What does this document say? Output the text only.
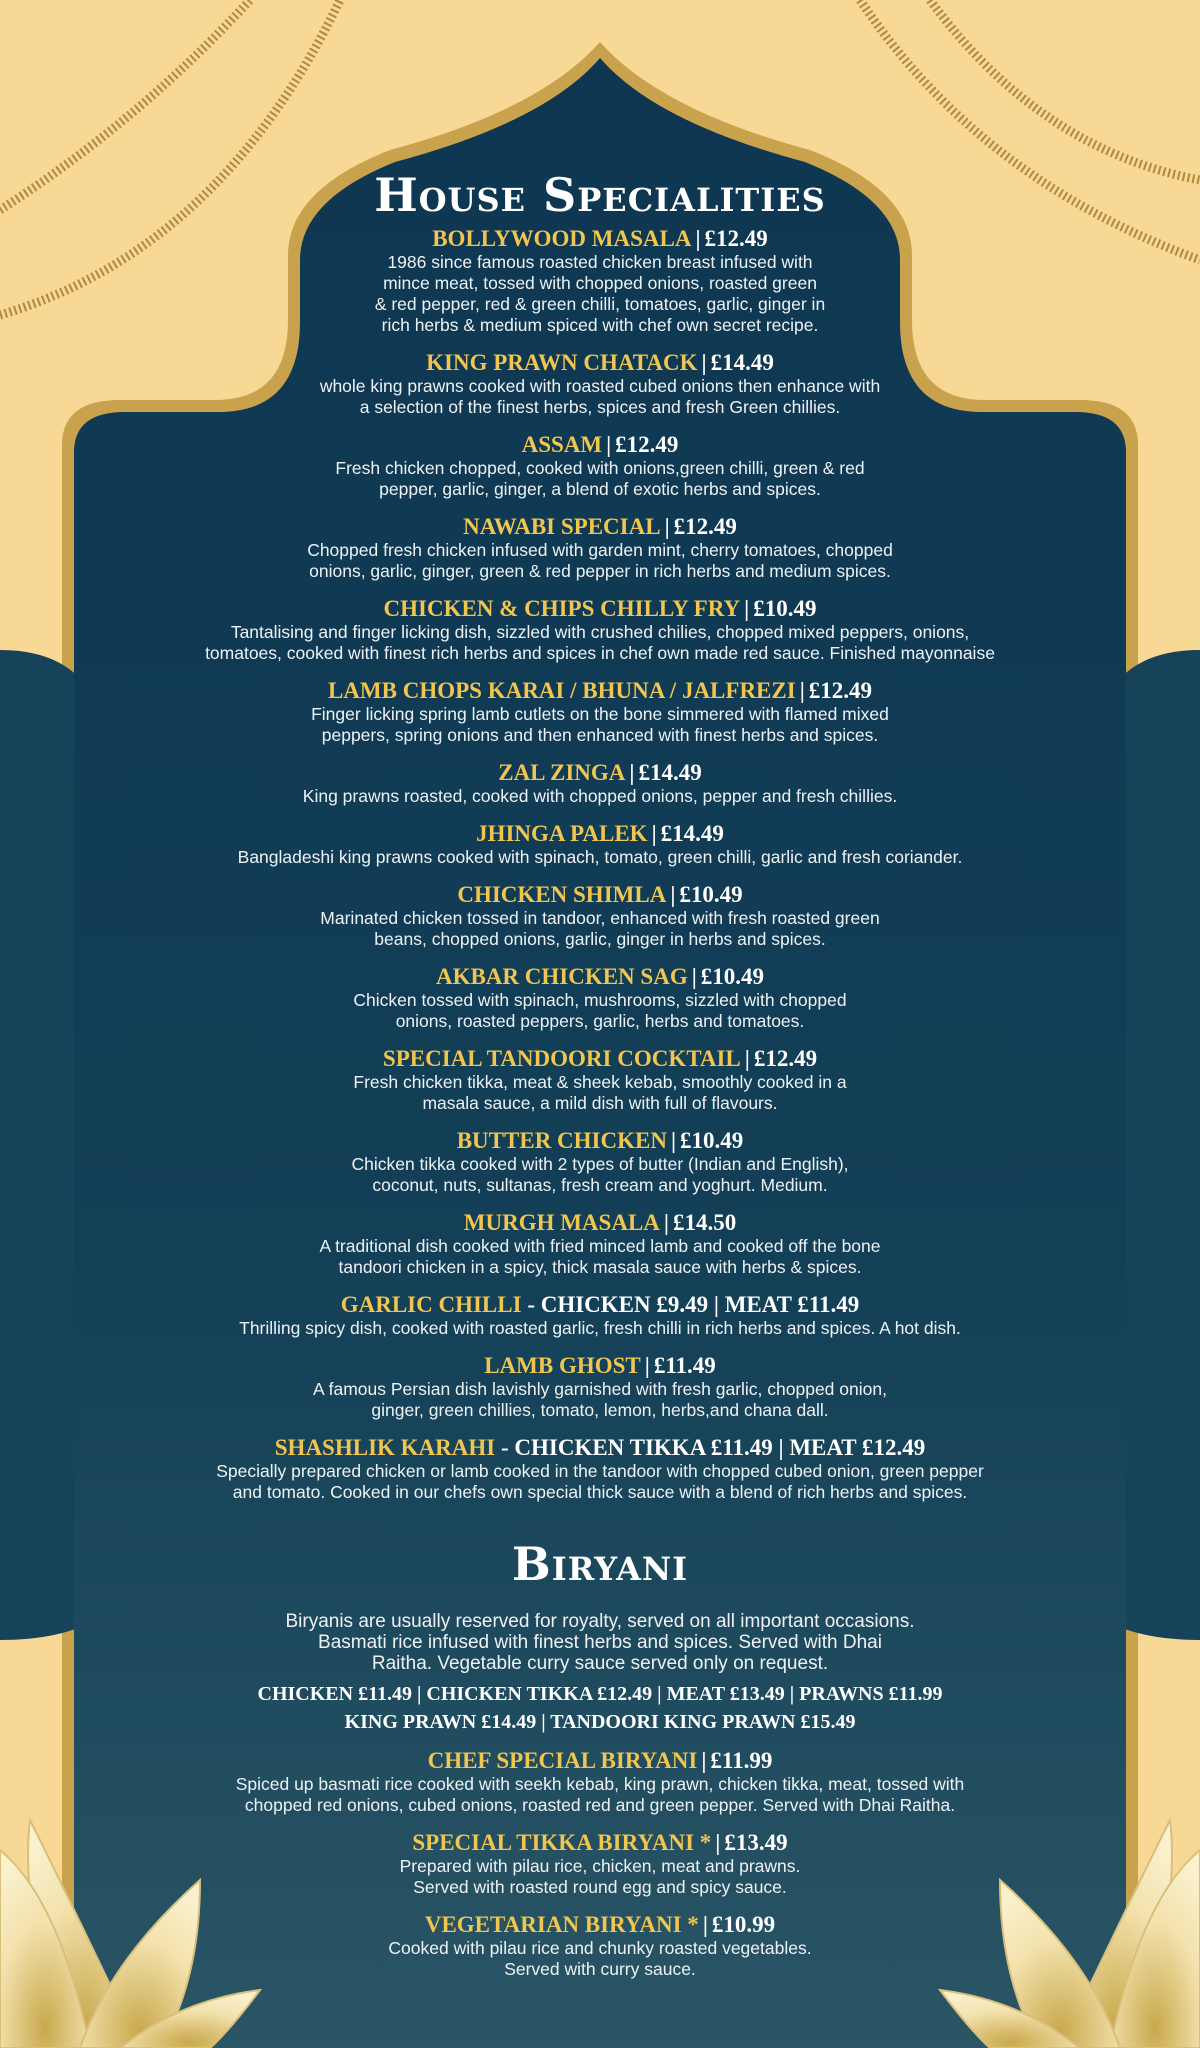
House Specialities
BOLLYWOOD MASALA | £12.49
1986 since famous roasted chicken breast infused with
mince meat, tossed with chopped onions, roasted green
& red pepper, red & green chilli, tomatoes, garlic, ginger in
rich herbs & medium spiced with chef own secret recipe.
KING PRAWN CHATACK | £14.49
whole king prawns cooked with roasted cubed onions then enhance with
a selection of the finest herbs, spices and fresh Green chillies.
ASSAM | £12.49
Fresh chicken chopped, cooked with onions,green chilli, green & red
pepper, garlic, ginger, a blend of exotic herbs and spices.
NAWABI SPECIAL | £12.49
Chopped fresh chicken infused with garden mint, cherry tomatoes, chopped
onions, garlic, ginger, green & red pepper in rich herbs and medium spices.
CHICKEN & CHIPS CHILLY FRY | £10.49
Tantalising and finger licking dish, sizzled with crushed chilies, chopped mixed peppers, onions,
tomatoes, cooked with finest rich herbs and spices in chef own made red sauce. Finished mayonnaise
LAMB CHOPS KARAI / BHUNA / JALFREZI | £12.49
Finger licking spring lamb cutlets on the bone simmered with flamed mixed
peppers, spring onions and then enhanced with finest herbs and spices.
ZAL ZINGA | £14.49
King prawns roasted, cooked with chopped onions, pepper and fresh chillies.
JHINGA PALEK | £14.49
Bangladeshi king prawns cooked with spinach, tomato, green chilli, garlic and fresh coriander.
CHICKEN SHIMLA | £10.49
Marinated chicken tossed in tandoor, enhanced with fresh roasted green
beans, chopped onions, garlic, ginger in herbs and spices.
AKBAR CHICKEN SAG | £10.49
Chicken tossed with spinach, mushrooms, sizzled with chopped
onions, roasted peppers, garlic, herbs and tomatoes.
SPECIAL TANDOORI COCKTAIL | £12.49
Fresh chicken tikka, meat & sheek kebab, smoothly cooked in a
masala sauce, a mild dish with full of flavours.
BUTTER CHICKEN | £10.49
Chicken tikka cooked with 2 types of butter (Indian and English),
coconut, nuts, sultanas, fresh cream and yoghurt. Medium.
MURGH MASALA | £14.50
A traditional dish cooked with fried minced lamb and cooked off the bone
tandoori chicken in a spicy, thick masala sauce with herbs & spices.
GARLIC CHILLI - CHICKEN £9.49 | MEAT £11.49
Thrilling spicy dish, cooked with roasted garlic, fresh chilli in rich herbs and spices. A hot dish.
LAMB GHOST | £11.49
A famous Persian dish lavishly garnished with fresh garlic, chopped onion,
ginger, green chillies, tomato, lemon, herbs,and chana dall.
SHASHLIK KARAHI - CHICKEN TIKKA £11.49 | MEAT £12.49
Specially prepared chicken or lamb cooked in the tandoor with chopped cubed onion, green pepper
and tomato. Cooked in our chefs own special thick sauce with a blend of rich herbs and spices.
Biryani
Biryanis are usually reserved for royalty, served on all important occasions.
Basmati rice infused with finest herbs and spices. Served with Dhai
Raitha. Vegetable curry sauce served only on request.
CHICKEN £11.49 | CHICKEN TIKKA £12.49 | MEAT £13.49 | PRAWNS £11.99
KING PRAWN £14.49 | TANDOORI KING PRAWN £15.49
CHEF SPECIAL BIRYANI | £11.99
Spiced up basmati rice cooked with seekh kebab, king prawn, chicken tikka, meat, tossed with
chopped red onions, cubed onions, roasted red and green pepper. Served with Dhai Raitha.
SPECIAL TIKKA BIRYANI * | £13.49
Prepared with pilau rice, chicken, meat and prawns.
Served with roasted round egg and spicy sauce.
VEGETARIAN BIRYANI * | £10.99
Cooked with pilau rice and chunky roasted vegetables.
Served with curry sauce.
